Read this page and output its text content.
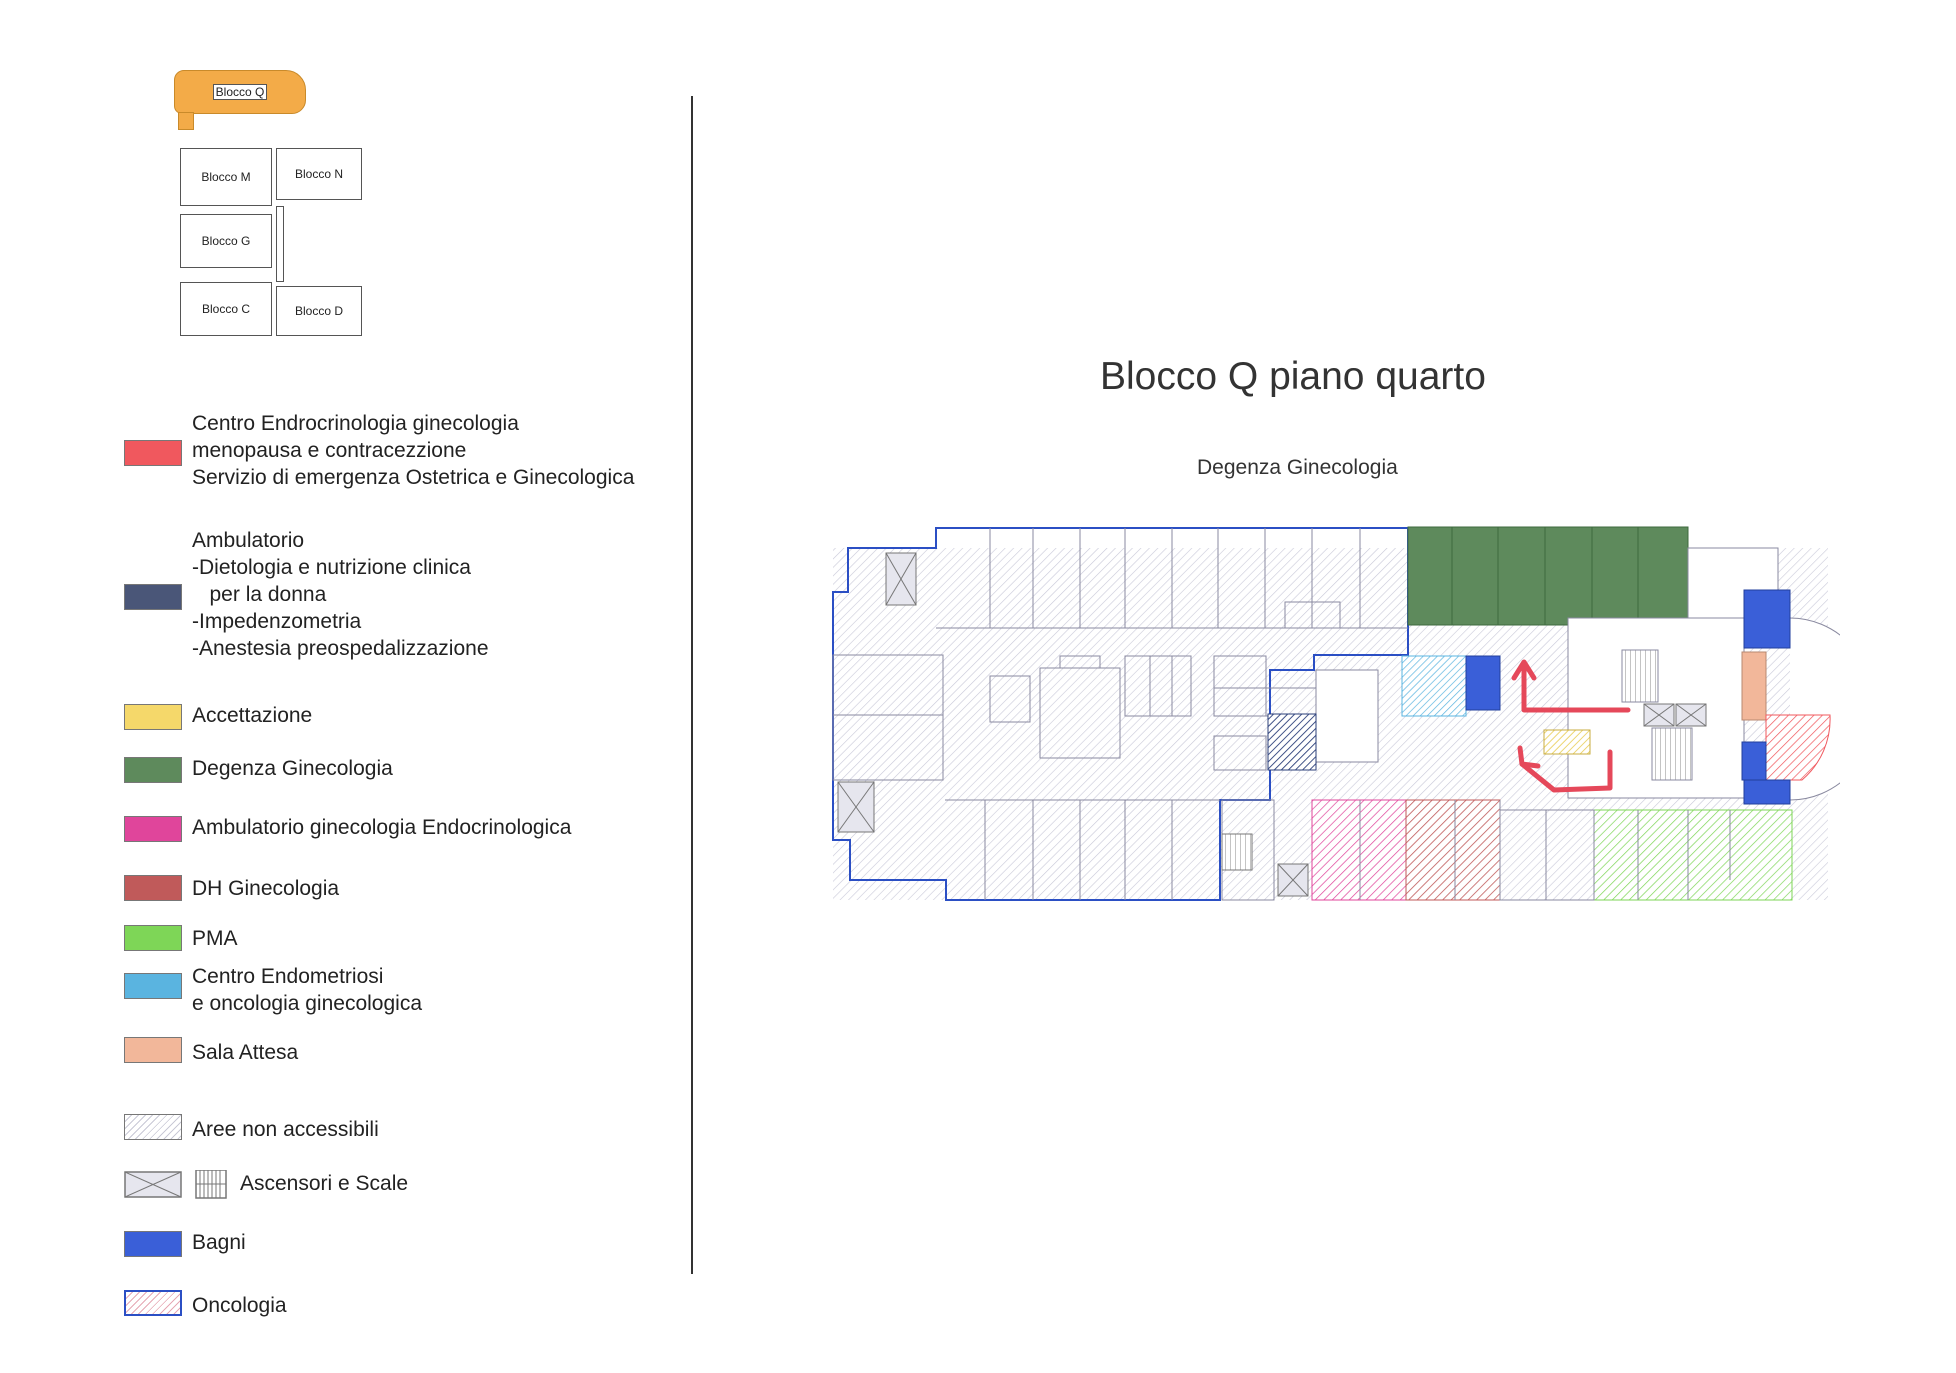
Blocco Q
Blocco M	Blocco N
Blocco G
Blocco C	Blocco D
Centro Endrocrinologia ginecologia
menopausa e contracezzione
Servizio di emergenza Ostetrica e Ginecologica
Ambulatorio
-Dietologia e nutrizione clinica
per la donna
-Impedenzometria
-Anestesia preospedalizzazione
Accettazione
Degenza Ginecologia
Ambulatorio ginecologia Endocrinologica
DH Ginecologia
PMA
Centro Endometriosi
e oncologia ginecologica
Sala Attesa
Aree non accessibili
Ascensori e Scale
Bagni
Oncologia
Blocco Q piano quarto
Degenza Ginecologia
